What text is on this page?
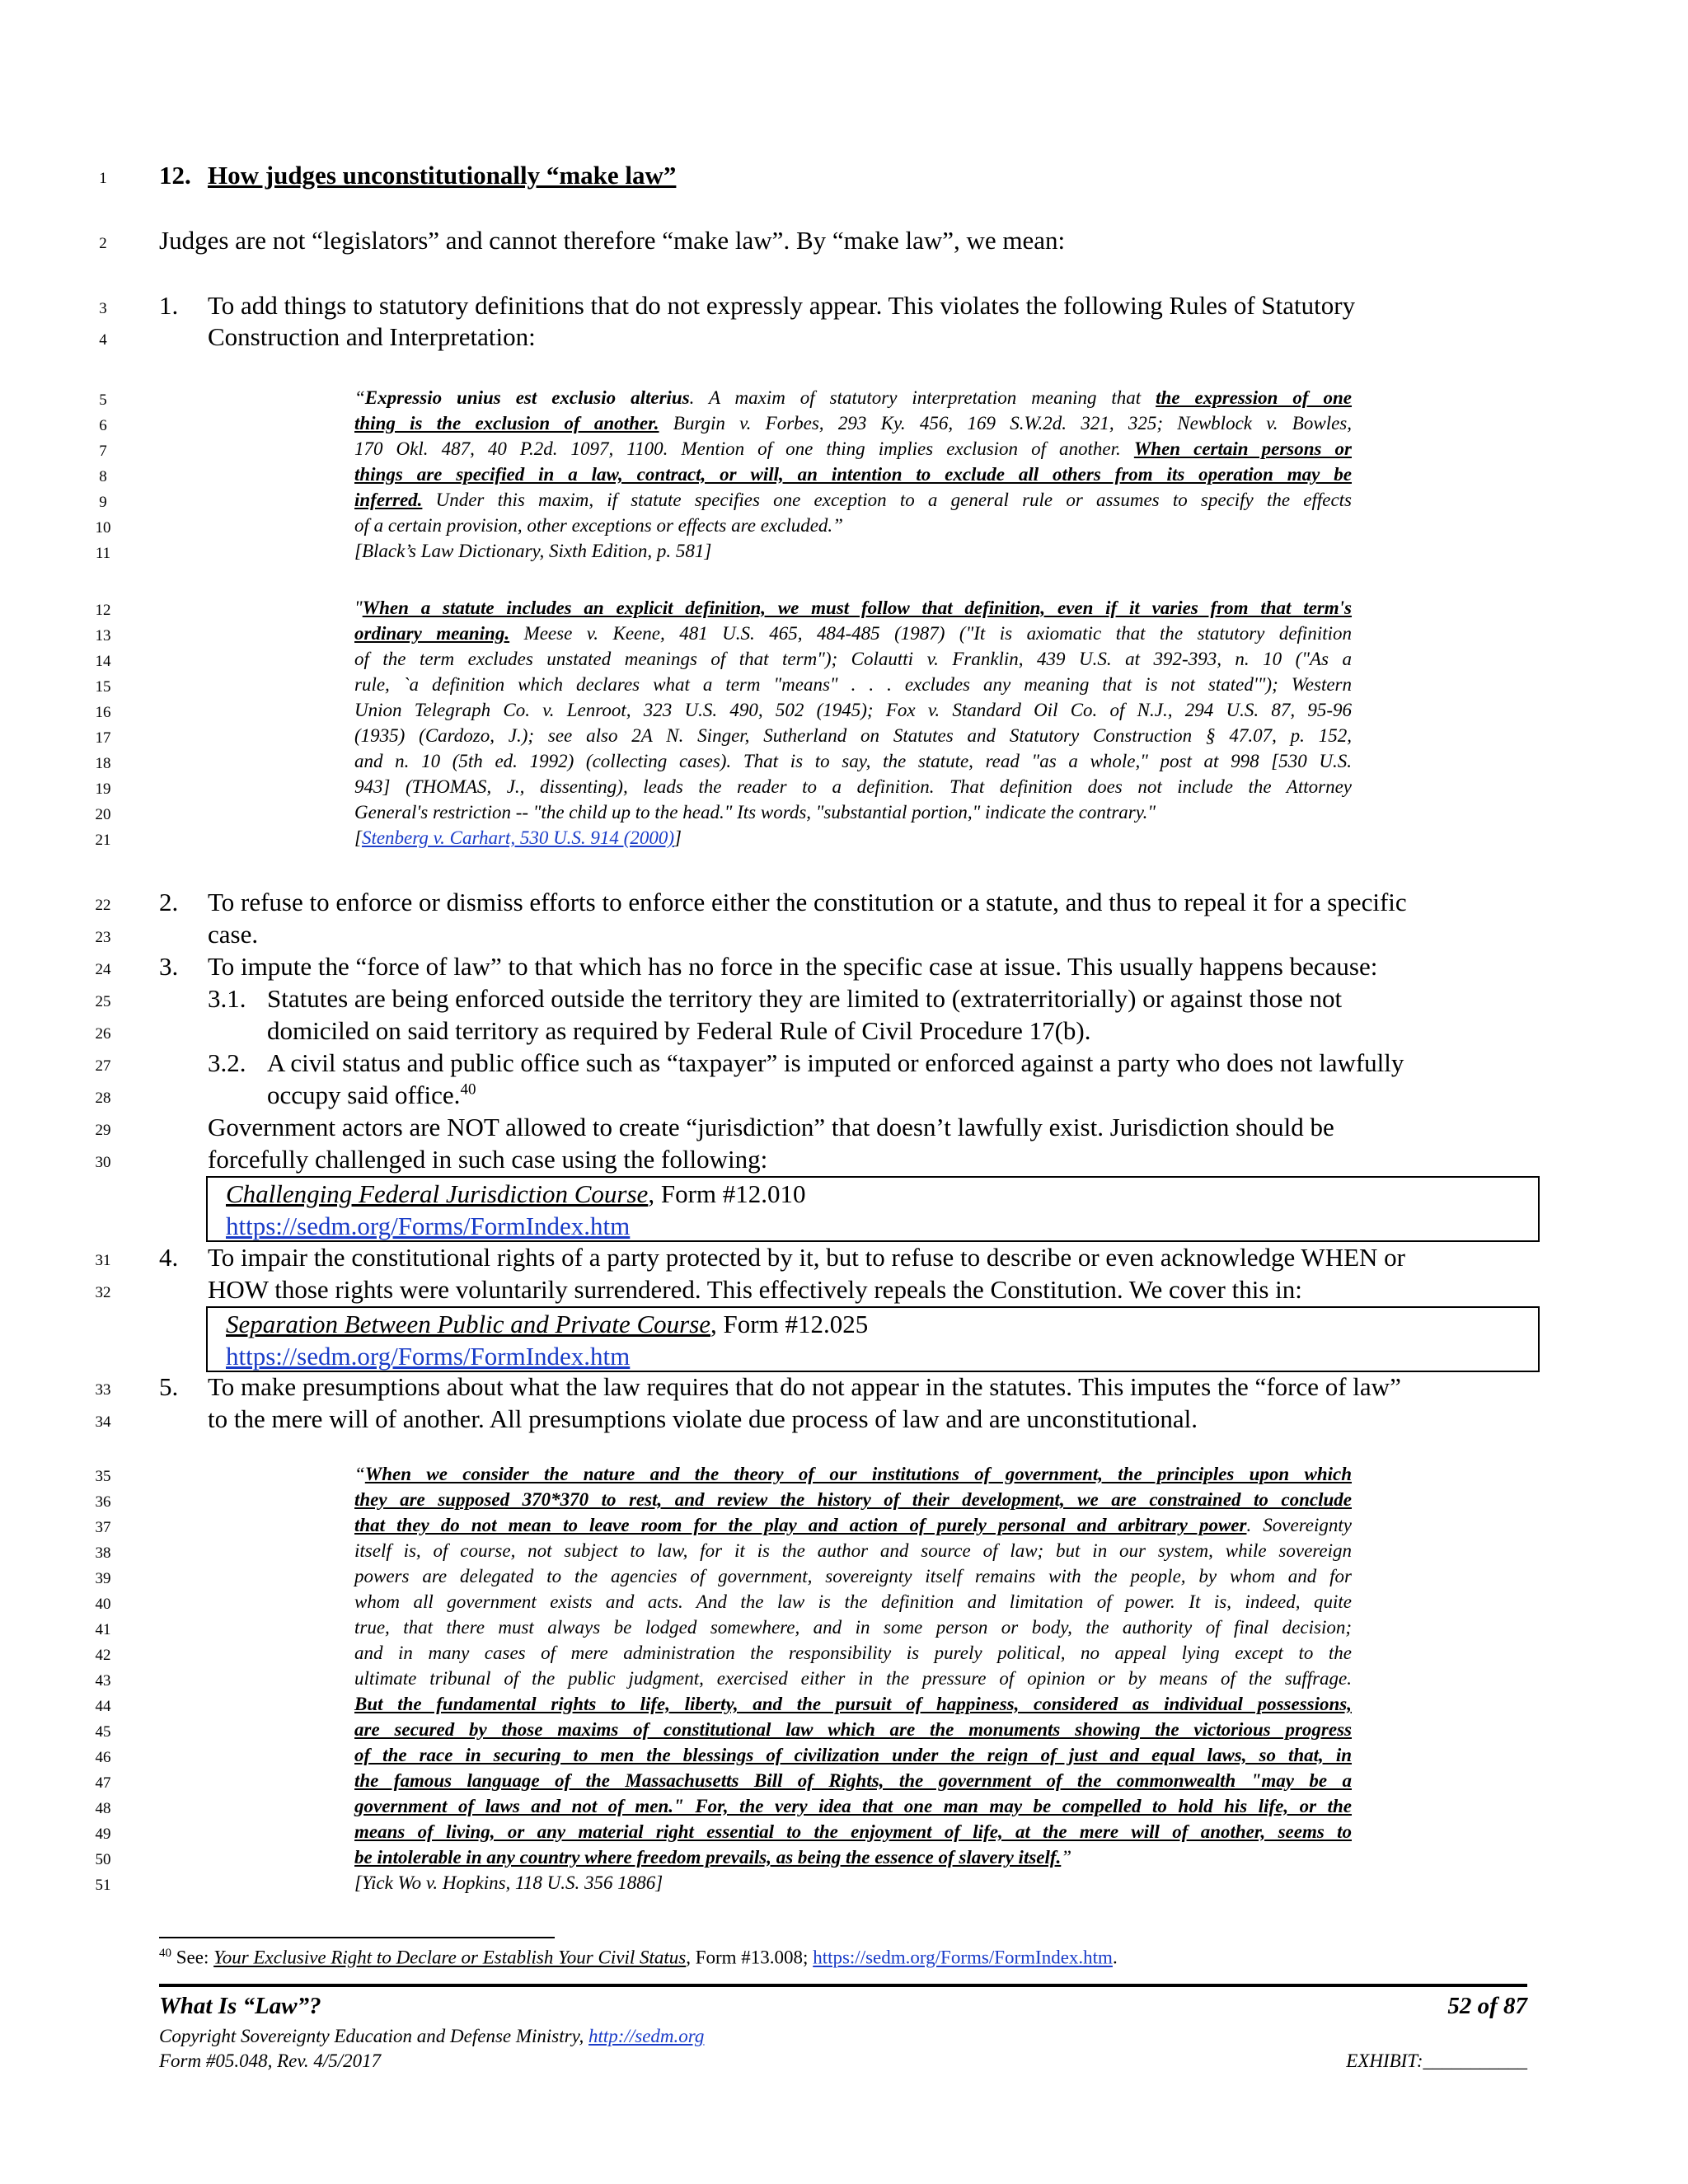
1
2
3
4
5
6
7
8
9
10
11
12
13
14
15
16
17
18
19
20
21
22
23
24
25
26
27
28
29
30
31
32
33
34
35
36
37
38
39
40
41
42
43
44
45
46
47
48
49
50
51
12. How judges unconstitutionally “make law”
Judges are not “legislators” and cannot therefore “make law”. By “make law”, we mean:
1. To add things to statutory definitions that do not expressly appear. This violates the following Rules of Statutory
Construction and Interpretation:
“Expressio unius est exclusio alterius. A maxim of statutory interpretation meaning that the expression of one
thing is the exclusion of another. Burgin v. Forbes, 293 Ky. 456, 169 S.W.2d. 321, 325; Newblock v. Bowles,
170 Okl. 487, 40 P.2d. 1097, 1100. Mention of one thing implies exclusion of another. When certain persons or
things are specified in a law, contract, or will, an intention to exclude all others from its operation may be
inferred. Under this maxim, if statute specifies one exception to a general rule or assumes to specify the effects
of a certain provision, other exceptions or effects are excluded.”
[Black’s Law Dictionary, Sixth Edition, p. 581]
"When a statute includes an explicit definition, we must follow that definition, even if it varies from that term's
ordinary meaning. Meese v. Keene, 481 U.S. 465, 484-485 (1987) ("It is axiomatic that the statutory definition
of the term excludes unstated meanings of that term"); Colautti v. Franklin, 439 U.S. at 392-393, n. 10 ("As a
rule, `a definition which declares what a term "means" . . . excludes any meaning that is not stated'"); Western
Union Telegraph Co. v. Lenroot, 323 U.S. 490, 502 (1945); Fox v. Standard Oil Co. of N.J., 294 U.S. 87, 95-96
(1935) (Cardozo, J.); see also 2A N. Singer, Sutherland on Statutes and Statutory Construction § 47.07, p. 152,
and n. 10 (5th ed. 1992) (collecting cases). That is to say, the statute, read "as a whole," post at 998 [530 U.S.
943] (THOMAS, J., dissenting), leads the reader to a definition. That definition does not include the Attorney
General's restriction -- "the child up to the head." Its words, "substantial portion," indicate the contrary."
[Stenberg v. Carhart, 530 U.S. 914 (2000)]
2. To refuse to enforce or dismiss efforts to enforce either the constitution or a statute, and thus to repeal it for a specific
case.
3. To impute the “force of law” to that which has no force in the specific case at issue. This usually happens because:
3.1. Statutes are being enforced outside the territory they are limited to (extraterritorially) or against those not
domiciled on said territory as required by Federal Rule of Civil Procedure 17(b).
3.2. A civil status and public office such as “taxpayer” is imputed or enforced against a party who does not lawfully
occupy said office.$^{40}$
Government actors are NOT allowed to create “jurisdiction” that doesn’t lawfully exist. Jurisdiction should be
forcefully challenged in such case using the following:
Challenging Federal Jurisdiction Course, Form #12.010
https://sedm.org/Forms/FormIndex.htm
4. To impair the constitutional rights of a party protected by it, but to refuse to describe or even acknowledge WHEN or
HOW those rights were voluntarily surrendered. This effectively repeals the Constitution. We cover this in:
Separation Between Public and Private Course, Form #12.025
https://sedm.org/Forms/FormIndex.htm
5. To make presumptions about what the law requires that do not appear in the statutes. This imputes the “force of law”
to the mere will of another. All presumptions violate due process of law and are unconstitutional.
“When we consider the nature and the theory of our institutions of government, the principles upon which
they are supposed 370*370 to rest, and review the history of their development, we are constrained to conclude
that they do not mean to leave room for the play and action of purely personal and arbitrary power. Sovereignty
itself is, of course, not subject to law, for it is the author and source of law; but in our system, while sovereign
powers are delegated to the agencies of government, sovereignty itself remains with the people, by whom and for
whom all government exists and acts. And the law is the definition and limitation of power. It is, indeed, quite
true, that there must always be lodged somewhere, and in some person or body, the authority of final decision;
and in many cases of mere administration the responsibility is purely political, no appeal lying except to the
ultimate tribunal of the public judgment, exercised either in the pressure of opinion or by means of the suffrage.
But the fundamental rights to life, liberty, and the pursuit of happiness, considered as individual possessions,
are secured by those maxims of constitutional law which are the monuments showing the victorious progress
of the race in securing to men the blessings of civilization under the reign of just and equal laws, so that, in
the famous language of the Massachusetts Bill of Rights, the government of the commonwealth "may be a
government of laws and not of men." For, the very idea that one man may be compelled to hold his life, or the
means of living, or any material right essential to the enjoyment of life, at the mere will of another, seems to
be intolerable in any country where freedom prevails, as being the essence of slavery itself.”
[Yick Wo v. Hopkins, 118 U.S. 356 1886]
$^{40}$ See: Your Exclusive Right to Declare or Establish Your Civil Status, Form #13.008; https://sedm.org/Forms/FormIndex.htm.
What Is “Law”?	52 of 87
Copyright Sovereignty Education and Defense Ministry, http://sedm.org
Form #05.048, Rev. 4/5/2017	EXHIBIT:___________
